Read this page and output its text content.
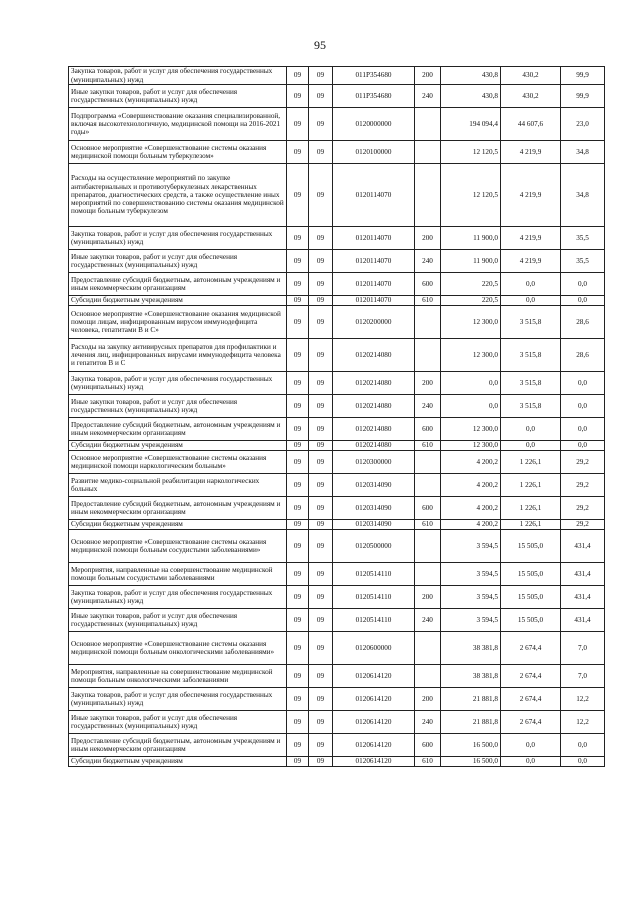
95
Закупка товаров, работ и услуг для обеспечения государственных (муниципальных) нужд	09	09	011P354680	200	430,8	430,2	99,9
Иные закупки товаров, работ и услуг для обеспечения государственных (муниципальных) нужд	09	09	011P354680	240	430,8	430,2	99,9
Подпрограмма «Совершенствование оказания специализированной, включая высокотехнологичную, медицинской помощи на 2016-2021 годы»	09	09	0120000000		194 094,4	44 607,6	23,0
Основное мероприятие «Совершенствование системы оказания медицинской помощи больным туберкулезом»	09	09	0120100000		12 120,5	4 219,9	34,8
Расходы на осуществление мероприятий по закупке антибактериальных и противотуберкулезных лекарственных препаратов, диагностических средств, а также осуществление иных мероприятий по совершенствованию системы оказания медицинской помощи больным туберкулезом	09	09	0120114070		12 120,5	4 219,9	34,8
Закупка товаров, работ и услуг для обеспечения государственных (муниципальных) нужд	09	09	0120114070	200	11 900,0	4 219,9	35,5
Иные закупки товаров, работ и услуг для обеспечения государственных (муниципальных) нужд	09	09	0120114070	240	11 900,0	4 219,9	35,5
Предоставление субсидий бюджетным, автономным учреждениям и иным некоммерческим организациям	09	09	0120114070	600	220,5	0,0	0,0
Субсидии бюджетным учреждениям	09	09	0120114070	610	220,5	0,0	0,0
Основное мероприятие «Совершенствование оказания медицинской помощи лицам, инфицированным вирусом иммунодефицита человека, гепатитами В и С»	09	09	0120200000		12 300,0	3 515,8	28,6
Расходы на закупку антивирусных препаратов для профилактики и лечения лиц, инфицированных вирусами иммунодефицита человека и гепатитов В и С	09	09	0120214080		12 300,0	3 515,8	28,6
Закупка товаров, работ и услуг для обеспечения государственных (муниципальных) нужд	09	09	0120214080	200	0,0	3 515,8	0,0
Иные закупки товаров, работ и услуг для обеспечения государственных (муниципальных) нужд	09	09	0120214080	240	0,0	3 515,8	0,0
Предоставление субсидий бюджетным, автономным учреждениям и иным некоммерческим организациям	09	09	0120214080	600	12 300,0	0,0	0,0
Субсидии бюджетным учреждениям	09	09	0120214080	610	12 300,0	0,0	0,0
Основное мероприятие «Совершенствование системы оказания медицинской помощи наркологическим больным»	09	09	0120300000		4 200,2	1 226,1	29,2
Развитие медико-социальной реабилитации наркологических больных	09	09	0120314090		4 200,2	1 226,1	29,2
Предоставление субсидий бюджетным, автономным учреждениям и иным некоммерческим организациям	09	09	0120314090	600	4 200,2	1 226,1	29,2
Субсидии бюджетным учреждениям	09	09	0120314090	610	4 200,2	1 226,1	29,2
Основное мероприятие «Совершенствование системы оказания медицинской помощи больным сосудистыми заболеваниями»	09	09	0120500000		3 594,5	15 505,0	431,4
Мероприятия, направленные на совершенствование медицинской помощи больным сосудистыми заболеваниями	09	09	0120514110		3 594,5	15 505,0	431,4
Закупка товаров, работ и услуг для обеспечения государственных (муниципальных) нужд	09	09	0120514110	200	3 594,5	15 505,0	431,4
Иные закупки товаров, работ и услуг для обеспечения государственных (муниципальных) нужд	09	09	0120514110	240	3 594,5	15 505,0	431,4
Основное мероприятие «Совершенствование системы оказания медицинской помощи больным онкологическими заболеваниями»	09	09	0120600000		38 381,8	2 674,4	7,0
Мероприятия, направленные на совершенствование медицинской помощи больным онкологическими заболеваниями	09	09	0120614120		38 381,8	2 674,4	7,0
Закупка товаров, работ и услуг для обеспечения государственных (муниципальных) нужд	09	09	0120614120	200	21 881,8	2 674,4	12,2
Иные закупки товаров, работ и услуг для обеспечения государственных (муниципальных) нужд	09	09	0120614120	240	21 881,8	2 674,4	12,2
Предоставление субсидий бюджетным, автономным учреждениям и иным некоммерческим организациям	09	09	0120614120	600	16 500,0	0,0	0,0
Субсидии бюджетным учреждениям	09	09	0120614120	610	16 500,0	0,0	0,0
